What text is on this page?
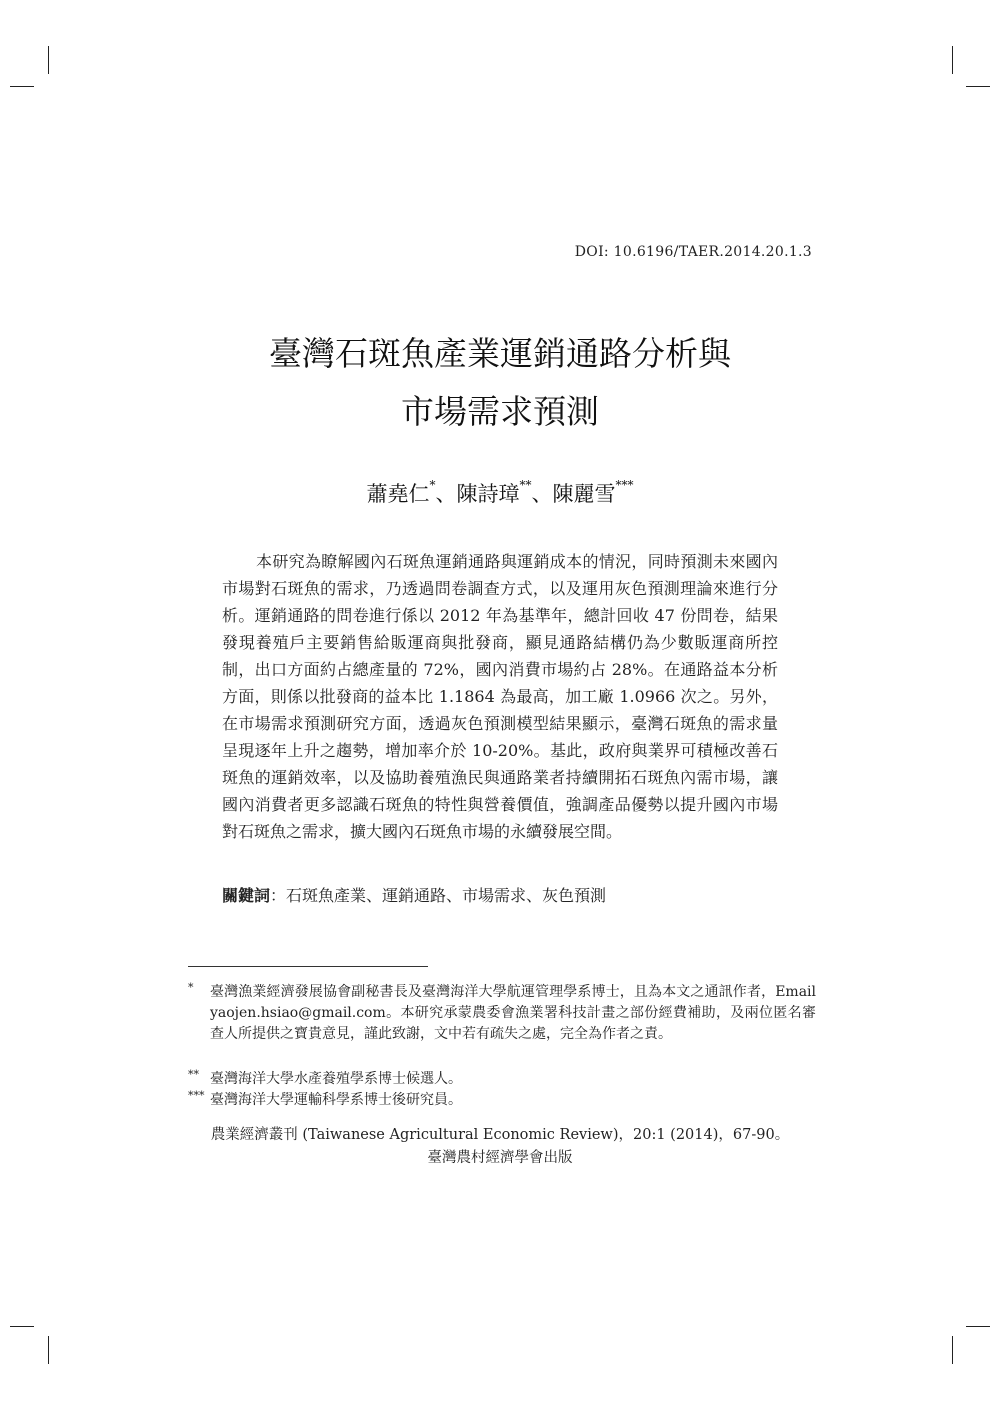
DOI: 10.6196/TAER.2014.20.1.3
臺灣石斑魚產業運銷通路分析與
市場需求預測
蕭堯仁*、陳詩璋**、陳麗雪***

本研究為瞭解國內石斑魚運銷通路與運銷成本的情況，同時預測未來國內市場對石斑魚的需求，乃透過問卷調查方式，以及運用灰色預測理論來進行分析。運銷通路的問卷進行係以 2012 年為基準年，總計回收 47 份問卷，結果發現養殖戶主要銷售給販運商與批發商，顯見通路結構仍為少數販運商所控制，出口方面約占總產量的 72%，國內消費市場約占 28%。在通路益本分析方面，則係以批發商的益本比 1.1864 為最高，加工廠 1.0966 次之。另外，在市場需求預測研究方面，透過灰色預測模型結果顯示，臺灣石斑魚的需求量呈現逐年上升之趨勢，增加率介於 10-20%。基此，政府與業界可積極改善石斑魚的運銷效率，以及協助養殖漁民與通路業者持續開拓石斑魚內需市場，讓國內消費者更多認識石斑魚的特性與營養價值，強調產品優勢以提升國內市場對石斑魚之需求，擴大國內石斑魚市場的永續發展空間。

關鍵詞：石斑魚產業、運銷通路、市場需求、灰色預測
*	臺灣漁業經濟發展協會副秘書長及臺灣海洋大學航運管理學系博士，且為本文之通訊作者，Email yaojen.hsiao@gmail.com。本研究承蒙農委會漁業署科技計畫之部份經費補助，及兩位匿名審查人所提供之寶貴意見，謹此致謝，文中若有疏失之處，完全為作者之責。
** 臺灣海洋大學水產養殖學系博士候選人。
*** 臺灣海洋大學運輸科學系博士後研究員。
農業經濟叢刊 (Taiwanese Agricultural Economic Review)，20:1 (2014)，67-90。
臺灣農村經濟學會出版
